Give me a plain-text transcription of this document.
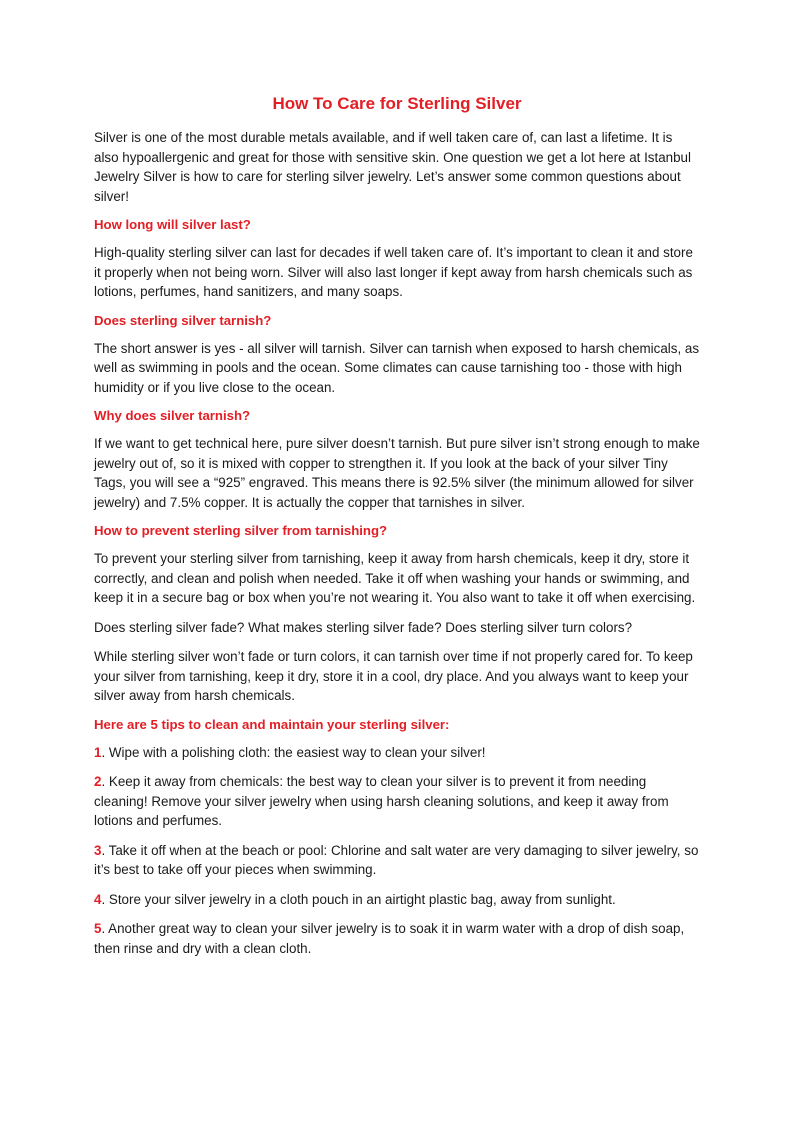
How To Care for Sterling Silver

Silver is one of the most durable metals available, and if well taken care of, can last a lifetime. It is also hypoallergenic and great for those with sensitive skin. One question we get a lot here at Istanbul Jewelry Silver is how to care for sterling silver jewelry. Let’s answer some common questions about silver!

How long will silver last?

High-quality sterling silver can last for decades if well taken care of. It’s important to clean it and store it properly when not being worn. Silver will also last longer if kept away from harsh chemicals such as lotions, perfumes, hand sanitizers, and many soaps.

Does sterling silver tarnish?

The short answer is yes - all silver will tarnish. Silver can tarnish when exposed to harsh chemicals, as well as swimming in pools and the ocean. Some climates can cause tarnishing too - those with high humidity or if you live close to the ocean.

Why does silver tarnish?

If we want to get technical here, pure silver doesn’t tarnish. But pure silver isn’t strong enough to make jewelry out of, so it is mixed with copper to strengthen it. If you look at the back of your silver Tiny Tags, you will see a “925” engraved. This means there is 92.5% silver (the minimum allowed for silver jewelry) and 7.5% copper. It is actually the copper that tarnishes in silver.

How to prevent sterling silver from tarnishing?

To prevent your sterling silver from tarnishing, keep it away from harsh chemicals, keep it dry, store it correctly, and clean and polish when needed. Take it off when washing your hands or swimming, and keep it in a secure bag or box when you’re not wearing it. You also want to take it off when exercising.

Does sterling silver fade? What makes sterling silver fade? Does sterling silver turn colors?

While sterling silver won’t fade or turn colors, it can tarnish over time if not properly cared for. To keep your silver from tarnishing, keep it dry, store it in a cool, dry place. And you always want to keep your silver away from harsh chemicals.

Here are 5 tips to clean and maintain your sterling silver:

1. Wipe with a polishing cloth: the easiest way to clean your silver!

2. Keep it away from chemicals: the best way to clean your silver is to prevent it from needing cleaning! Remove your silver jewelry when using harsh cleaning solutions, and keep it away from lotions and perfumes.

3. Take it off when at the beach or pool: Chlorine and salt water are very damaging to silver jewelry, so it’s best to take off your pieces when swimming.

4. Store your silver jewelry in a cloth pouch in an airtight plastic bag, away from sunlight.

5. Another great way to clean your silver jewelry is to soak it in warm water with a drop of dish soap, then rinse and dry with a clean cloth.
